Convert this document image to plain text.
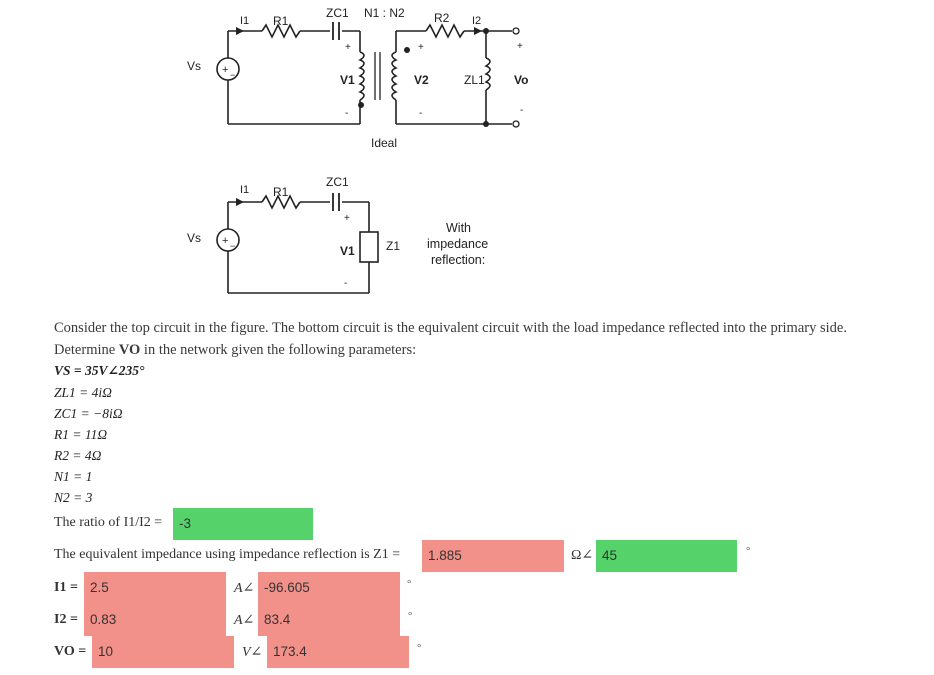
+ −
Vs
I1 R1
ZC1 N1 : N2 R2 I2
+
-
V1
+
-
V2	ZL1
+
-
Vo
Ideal
+ −
Vs
I1 R1
ZC1
+
-
V1	Z1
With
impedance
reflection:
Consider the top circuit in the figure. The bottom circuit is the equivalent circuit with the load impedance reflected into the primary side.
Determine VO in the network given the following parameters:
VS = 35V∠235°
ZL1 = 4iΩ
ZC1 = −8iΩ
R1 = 11Ω
R2 = 4Ω
N1 = 1
N2 = 3
The ratio of I1/I2 =	-3
The equivalent impedance using impedance reflection is Z1 =	1.885	Ω∠ 45	°
I1 = 2.5	A∠ -96.605	°
I2 = 0.83	A∠ 83.4	°
VO = 10	V∠ 173.4	°
